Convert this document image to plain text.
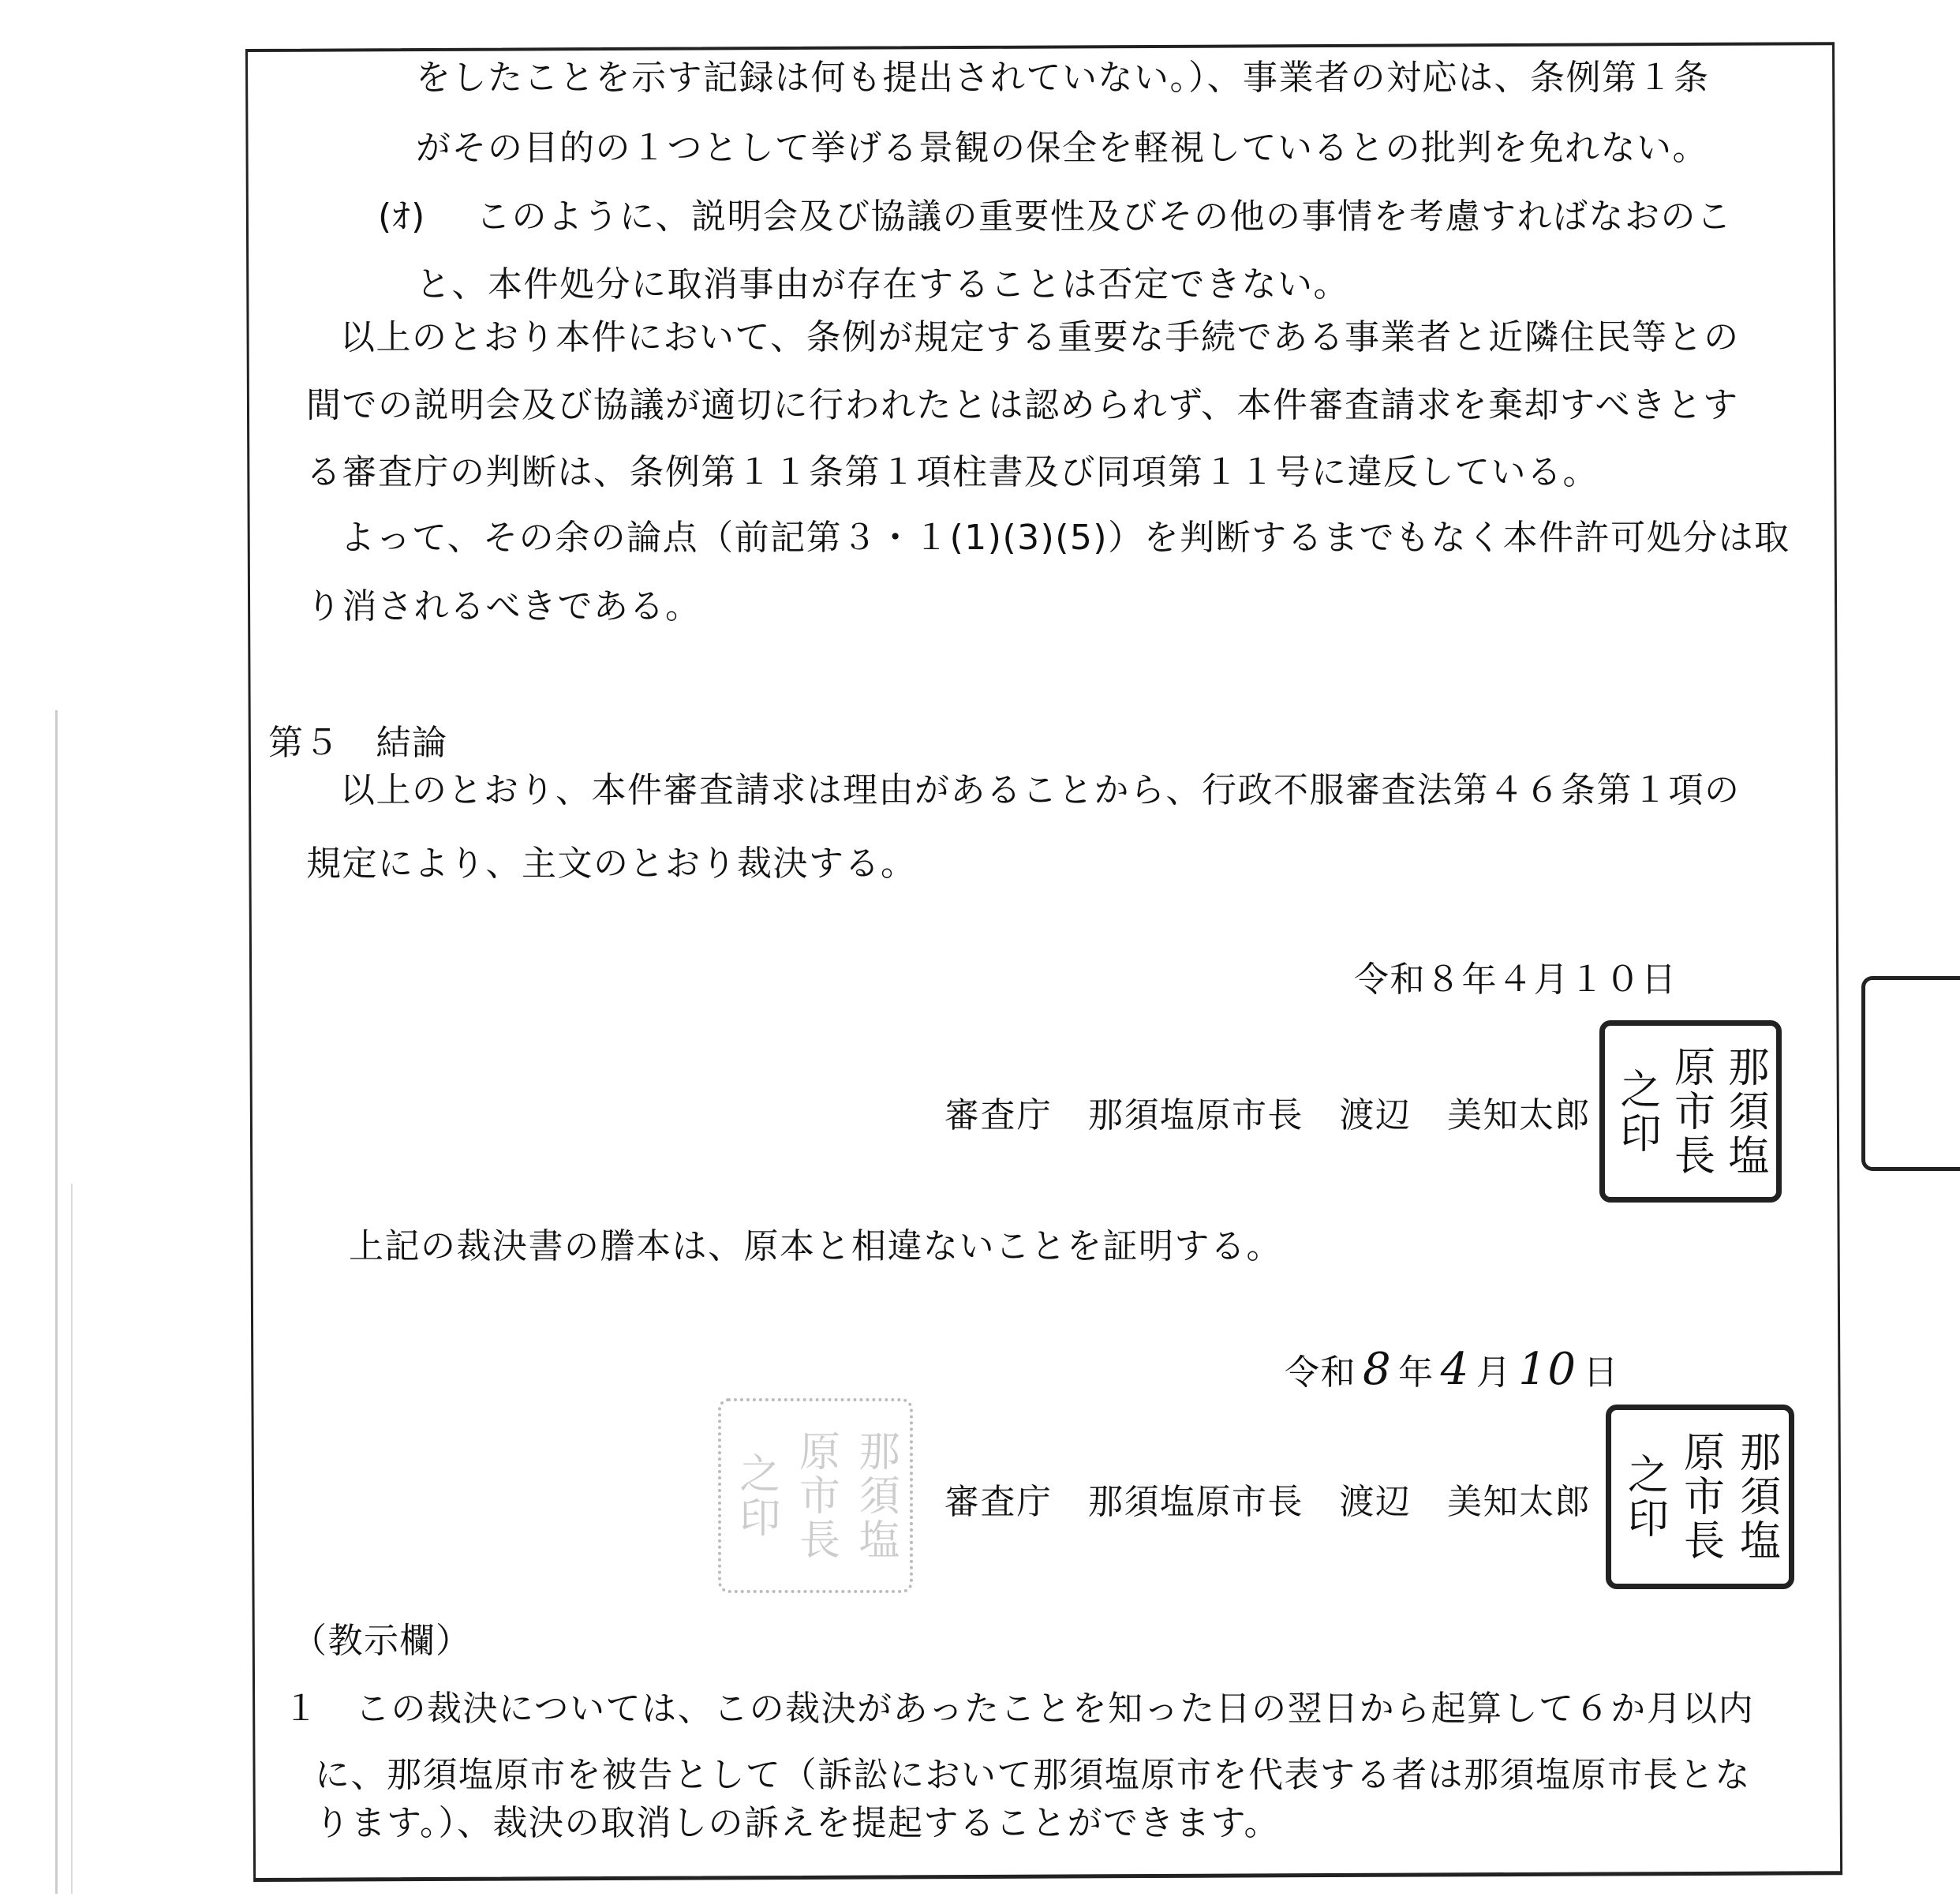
をしたことを示す記録は何も提出されていない。）、事業者の対応は、条例第１条
がその目的の１つとして挙げる景観の保全を軽視しているとの批判を免れない。
(ｵ) このように、説明会及び協議の重要性及びその他の事情を考慮すればなおのこ
と、本件処分に取消事由が存在することは否定できない。
以上のとおり本件において、条例が規定する重要な手続である事業者と近隣住民等との
間での説明会及び協議が適切に行われたとは認められず、本件審査請求を棄却すべきとす
る審査庁の判断は、条例第１１条第１項柱書及び同項第１１号に違反している。
よって、その余の論点（前記第３・１(1)(3)(5)）を判断するまでもなく本件許可処分は取
り消されるべきである。
第５　結論
以上のとおり、本件審査請求は理由があることから、行政不服審査法第４６条第１項の
規定により、主文のとおり裁決する。
令和８年４月１０日
審査庁　那須塩原市長　渡辺　美知太郎	那須塩
原市長
之印
上記の裁決書の謄本は、原本と相違ないことを証明する。
令和 8 年 4 月 10 日
那須塩
原市長
之印	審査庁　那須塩原市長　渡辺　美知太郎	那須塩
原市長
之印
（教示欄）
１ この裁決については、この裁決があったことを知った日の翌日から起算して６か月以内
に、那須塩原市を被告として（訴訟において那須塩原市を代表する者は那須塩原市長とな
ります。）、裁決の取消しの訴えを提起することができます。
